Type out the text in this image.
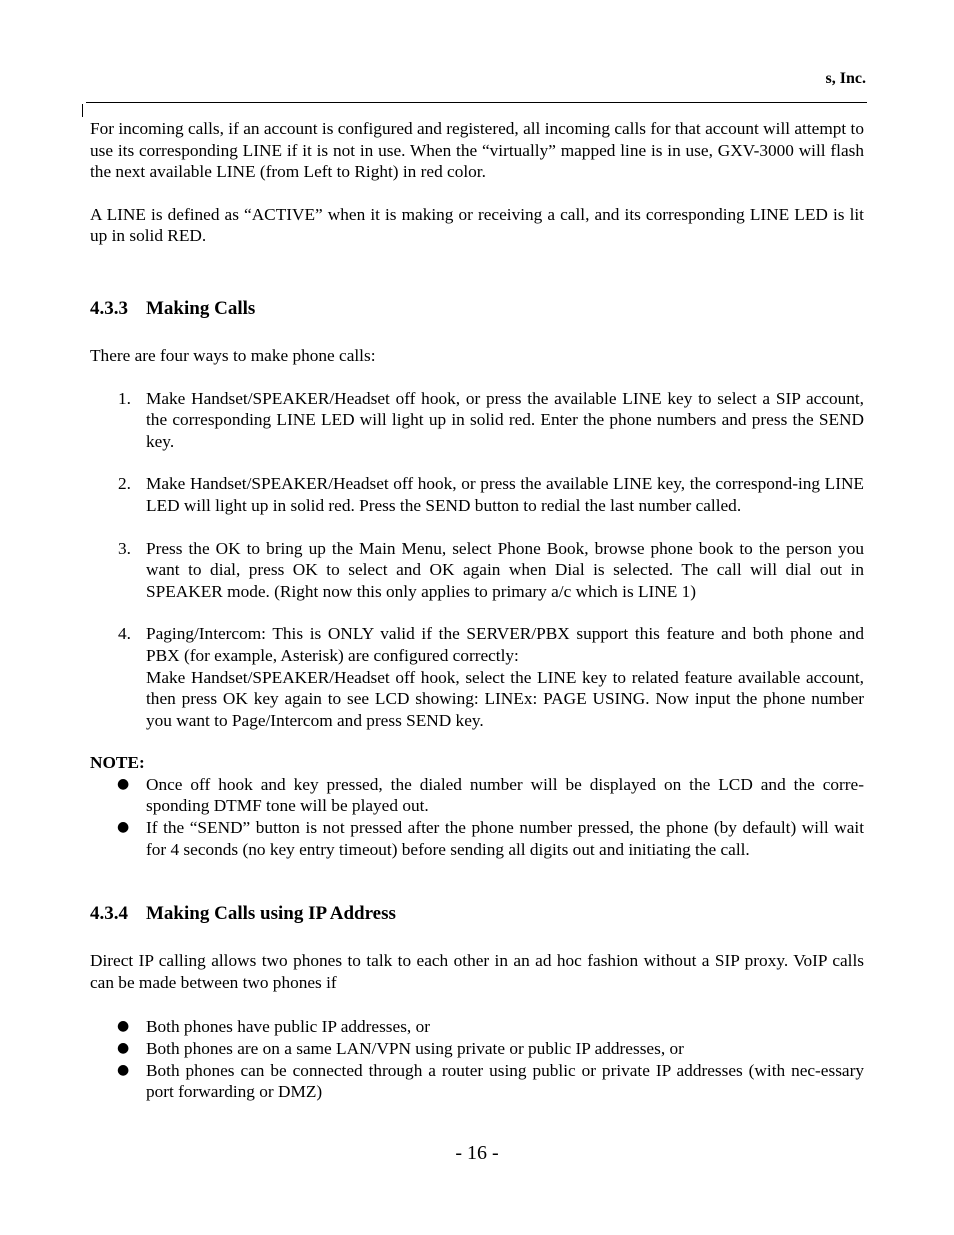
s, Inc.

For incoming calls, if an account is configured and registered, all incoming calls for that account will attempt to use its corresponding LINE if it is not in use. When the “virtually” mapped line is in use, GXV-3000 will flash the next available LINE (from Left to Right) in red color.

A LINE is defined as “ACTIVE” when it is making or receiving a call, and its corresponding LINE LED is lit up in solid RED.

4.3.3 Making Calls

There are four ways to make phone calls:

1. Make Handset/SPEAKER/Headset off hook, or press the available LINE key to select a SIP account, the corresponding LINE LED will light up in solid red. Enter the phone numbers and press the SEND key.

2. Make Handset/SPEAKER/Headset off hook, or press the available LINE key, the correspond-ing LINE LED will light up in solid red. Press the SEND button to redial the last number called.

3. Press the OK to bring up the Main Menu, select Phone Book, browse phone book to the person you want to dial, press OK to select and OK again when Dial is selected. The call will dial out in SPEAKER mode. (Right now this only applies to primary a/c which is LINE 1)

4. Paging/Intercom: This is ONLY valid if the SERVER/PBX support this feature and both phone and PBX (for example, Asterisk) are configured correctly:

Make Handset/SPEAKER/Headset off hook, select the LINE key to related feature available account, then press OK key again to see LCD showing: LINEx: PAGE USING. Now input the phone number you want to Page/Intercom and press SEND key.

NOTE:

● Once off hook and key pressed, the dialed number will be displayed on the LCD and the corre-sponding DTMF tone will be played out.

● If the “SEND” button is not pressed after the phone number pressed, the phone (by default) will wait for 4 seconds (no key entry timeout) before sending all digits out and initiating the call.

4.3.4 Making Calls using IP Address

Direct IP calling allows two phones to talk to each other in an ad hoc fashion without a SIP proxy. VoIP calls can be made between two phones if

● Both phones have public IP addresses, or

● Both phones are on a same LAN/VPN using private or public IP addresses, or

● Both phones can be connected through a router using public or private IP addresses (with nec-essary port forwarding or DMZ)

- 16 -
